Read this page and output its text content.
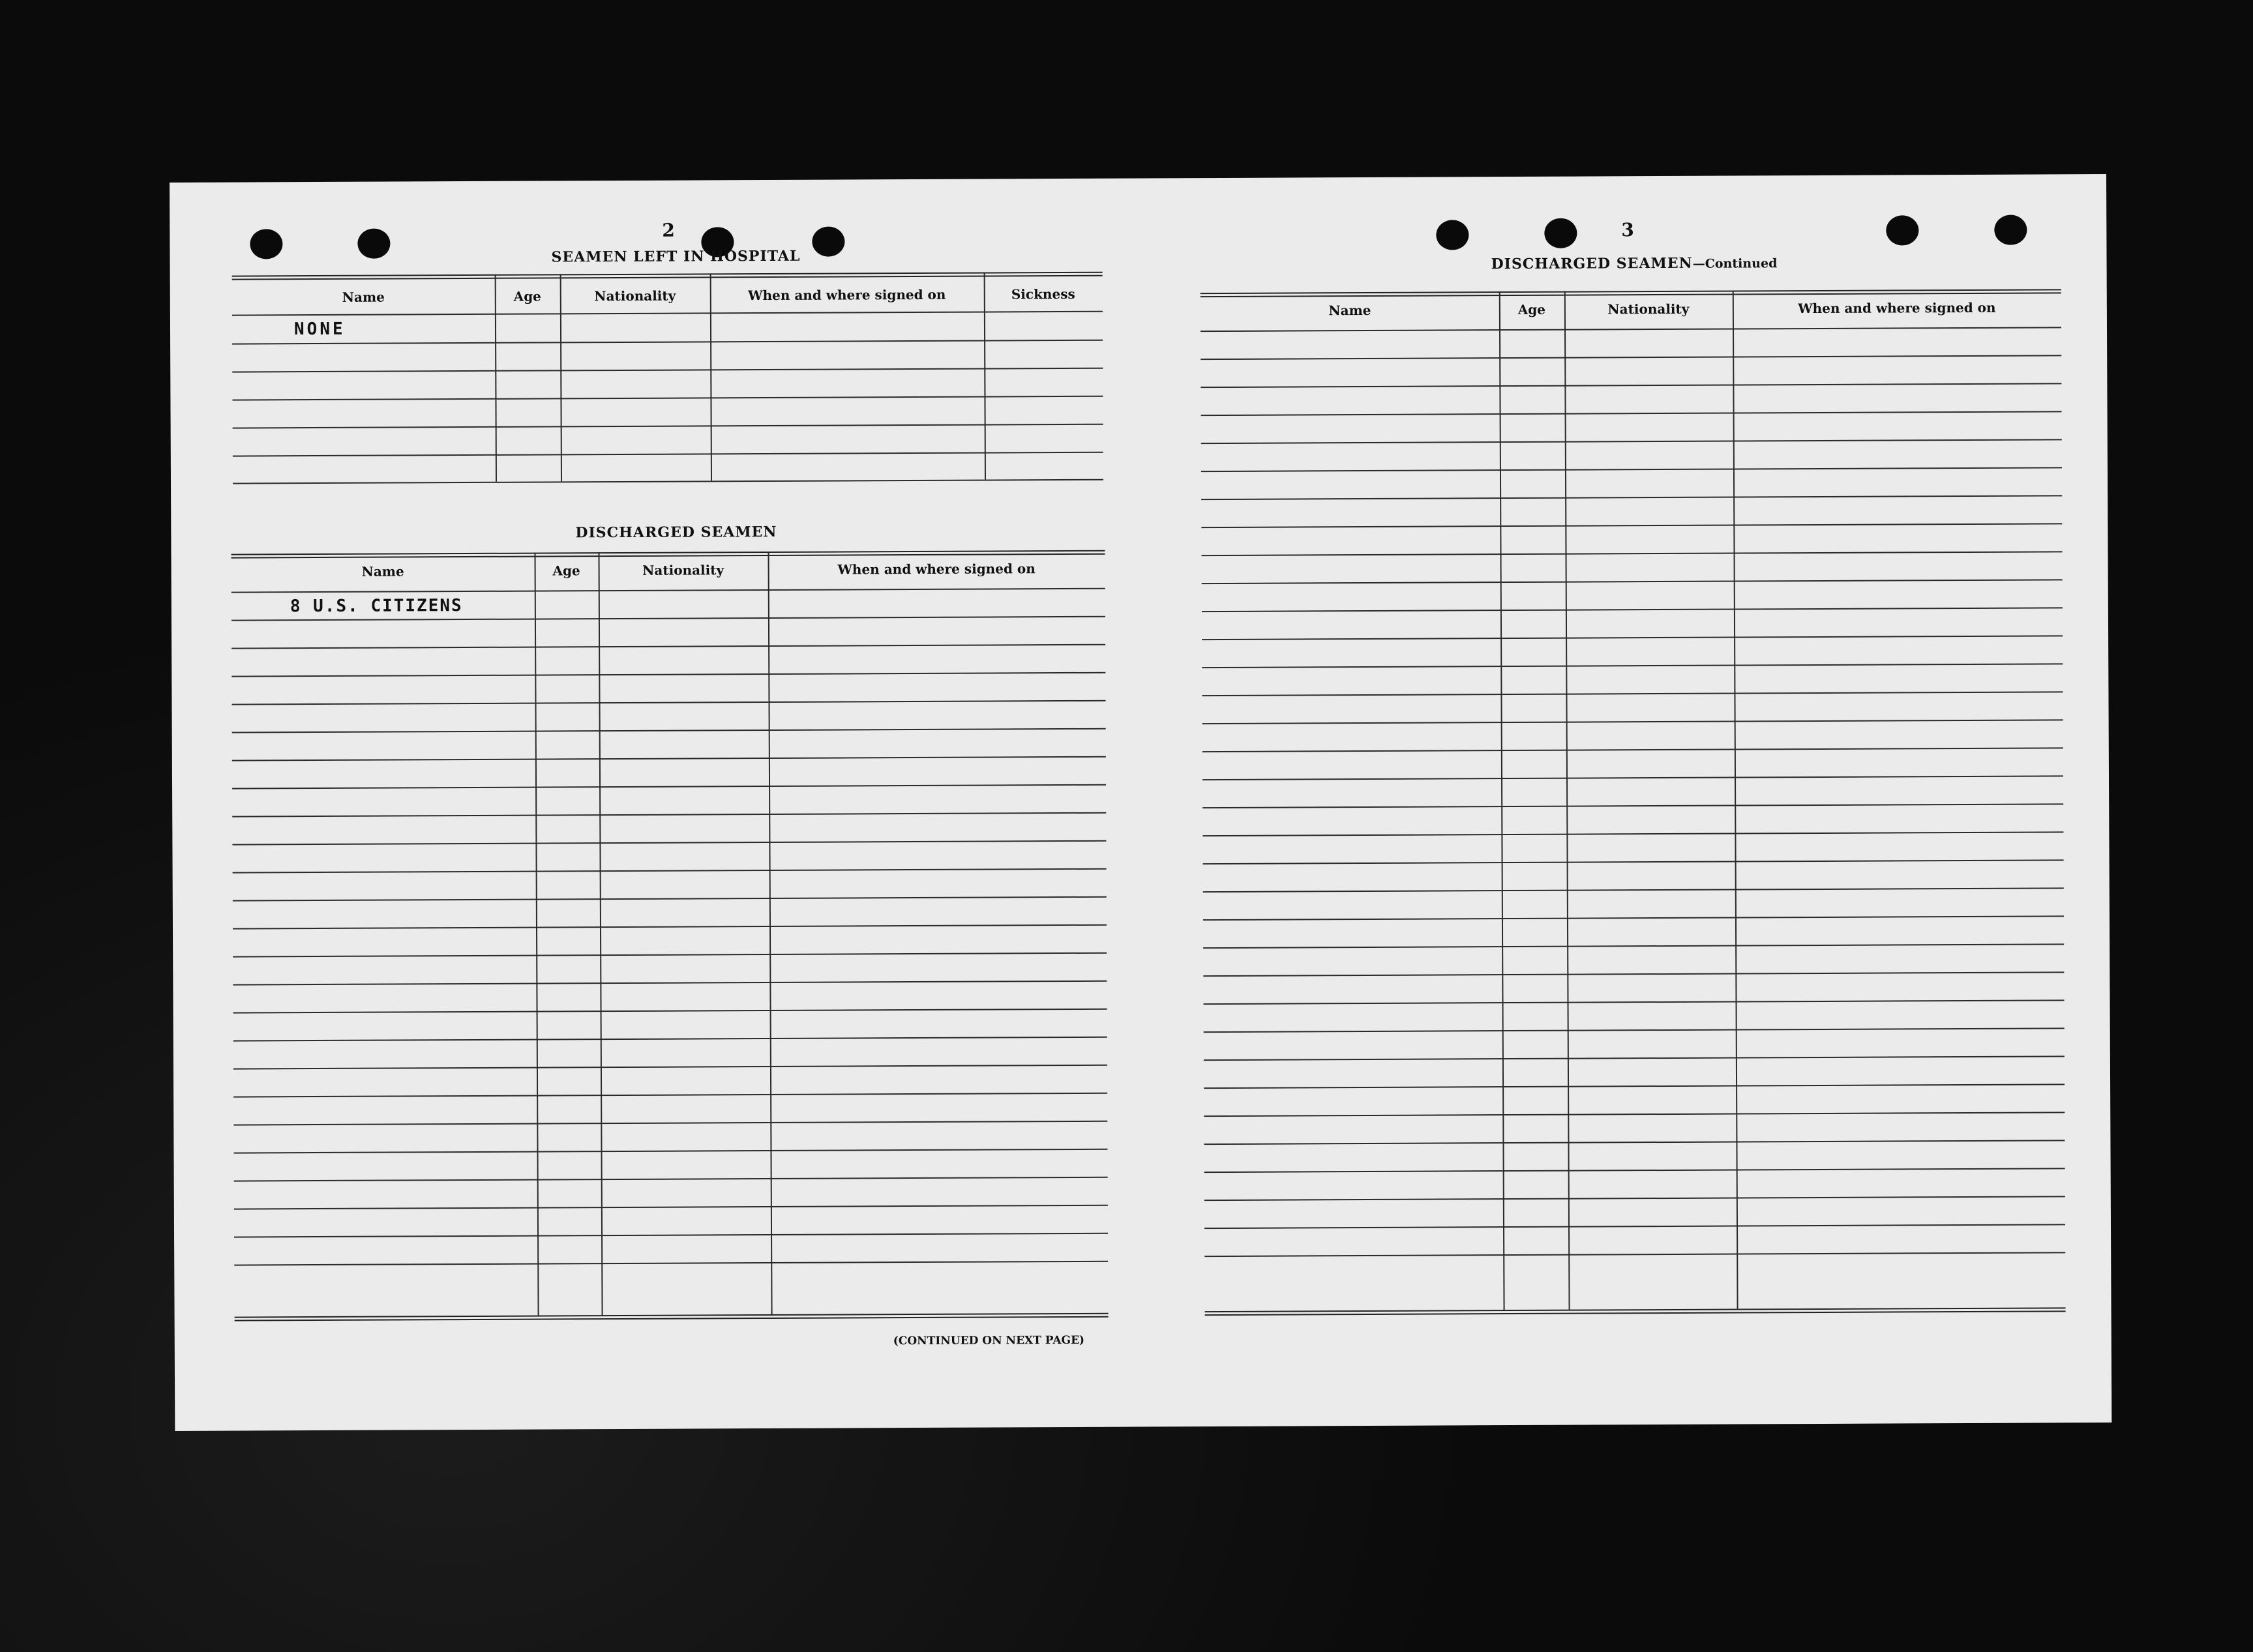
2
SEAMEN LEFT IN HOSPITAL
Name	Age	Nationality	When and where signed on	Sickness
NONE
DISCHARGED SEAMEN
Name	Age	Nationality	When and where signed on
8 U.S. CITIZENS
(CONTINUED ON NEXT PAGE)
3
DISCHARGED SEAMEN—Continued
Name	Age	Nationality	When and where signed on
